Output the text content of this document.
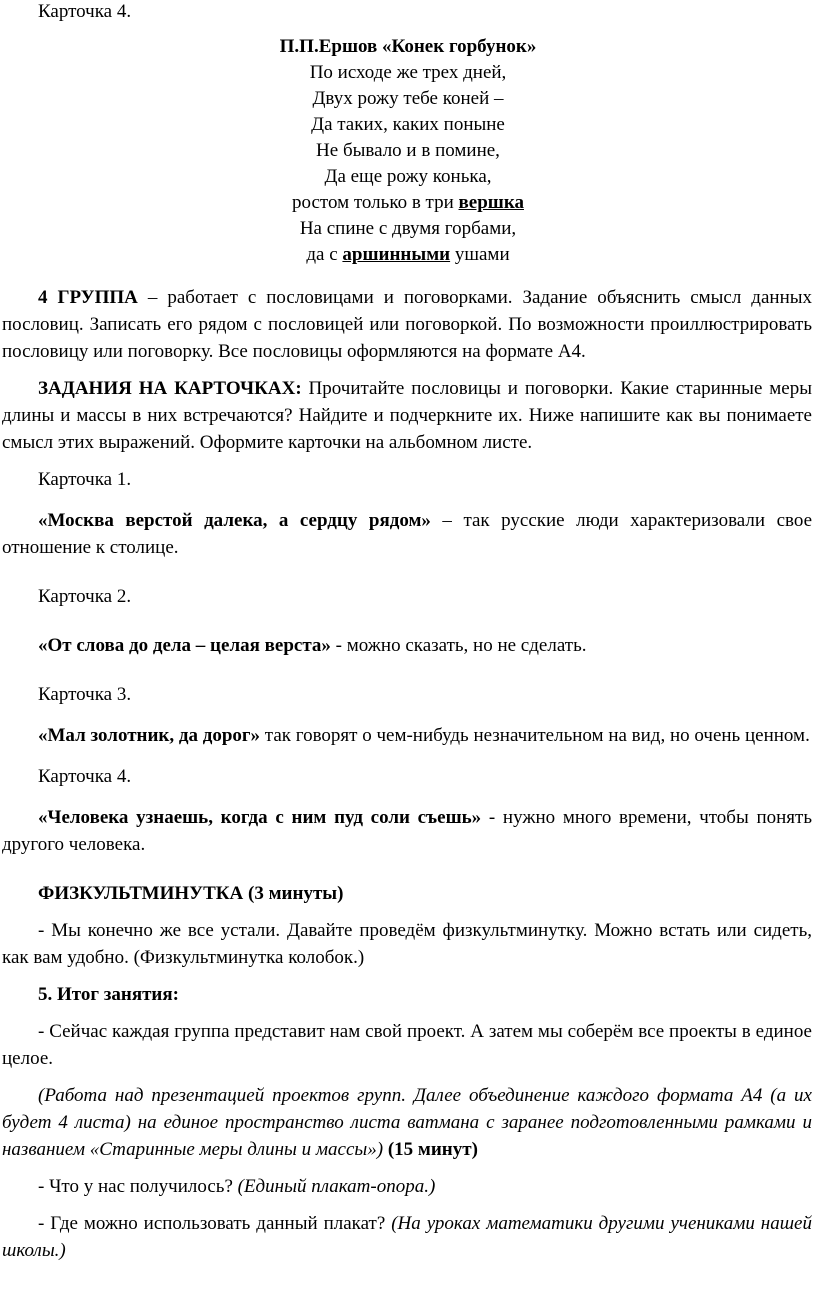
Карточка 4.
П.П.Ершов «Конек горбунок»
По исходе же трех дней,
Двух рожу тебе коней –
Да таких, каких поныне
Не бывало и в помине,
Да еще рожу конька,
ростом только в три вершка
На спине с двумя горбами,
да с аршинными ушами

4 ГРУППА – работает с пословицами и поговорками. Задание объяснить смысл данных пословиц. Записать его рядом с пословицей или поговоркой. По возможности проиллюстрировать пословицу или поговорку. Все пословицы оформляются на формате А4.

ЗАДАНИЯ НА КАРТОЧКАХ: Прочитайте пословицы и поговорки. Какие старинные меры длины и массы в них встречаются? Найдите и подчеркните их. Ниже напишите как вы понимаете смысл этих выражений. Оформите карточки на альбомном листе.

Карточка 1.

«Москва верстой далека, а сердцу рядом» – так русские люди характеризовали свое отношение к столице.

Карточка 2.

«От слова до дела – целая верста» - можно сказать, но не сделать.

Карточка 3.

«Мал золотник, да дорог» так говорят о чем-нибудь незначительном на вид, но очень ценном.

Карточка 4.

«Человека узнаешь, когда с ним пуд соли съешь» - нужно много времени, чтобы понять другого человека.

ФИЗКУЛЬТМИНУТКА (3 минуты)

- Мы конечно же все устали. Давайте проведём физкультминутку. Можно встать или сидеть, как вам удобно. (Физкультминутка колобок.)

5. Итог занятия:

- Сейчас каждая группа представит нам свой проект. А затем мы соберём все проекты в единое целое.

(Работа над презентацией проектов групп. Далее объединение каждого формата А4 (а их будет 4 листа) на единое пространство листа ватмана с заранее подготовленными рамками и названием «Старинные меры длины и массы») (15 минут)

- Что у нас получилось? (Единый плакат-опора.)

- Где можно использовать данный плакат? (На уроках математики другими учениками нашей школы.)
